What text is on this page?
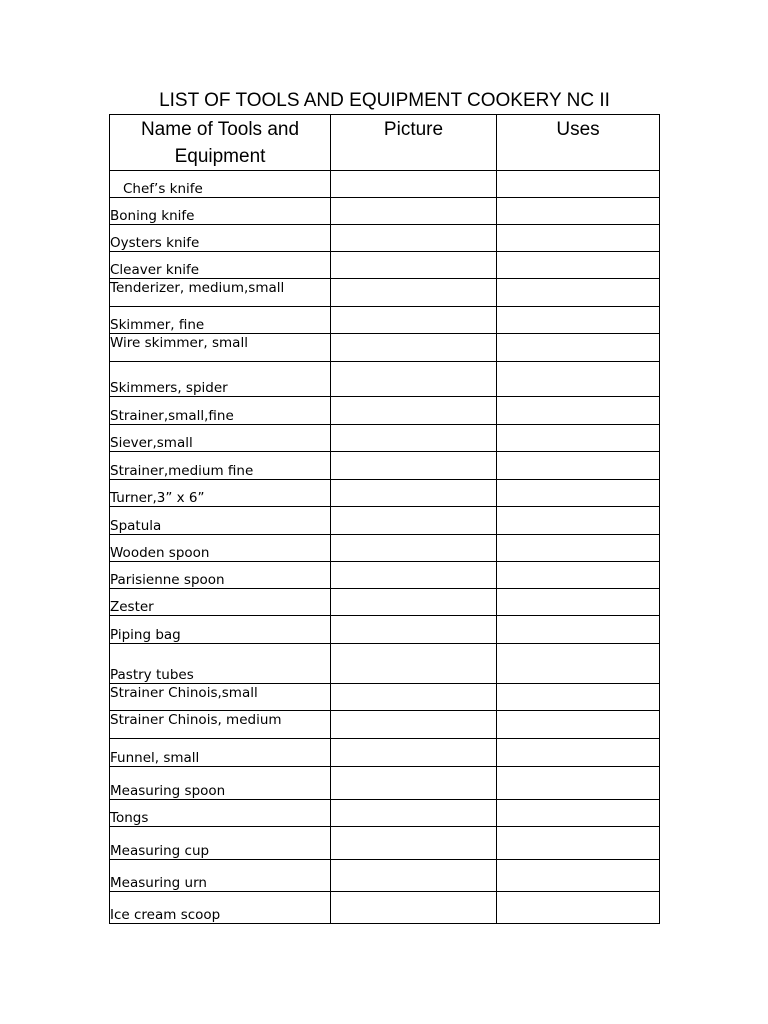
LIST OF TOOLS AND EQUIPMENT COOKERY NC II
Name of Tools and Equipment	Picture	Uses
Chef’s knife		
Boning knife		
Oysters knife		
Cleaver knife		
Tenderizer, medium,small		
Skimmer, fine		
Wire skimmer, small		
Skimmers, spider		
Strainer,small,fine		
Siever,small		
Strainer,medium fine		
Turner,3” x 6”		
Spatula		
Wooden spoon		
Parisienne spoon		
Zester		
Piping bag		
Pastry tubes		
Strainer Chinois,small		
Strainer Chinois, medium		
Funnel, small		
Measuring spoon		
Tongs		
Measuring cup		
Measuring urn		
Ice cream scoop		
